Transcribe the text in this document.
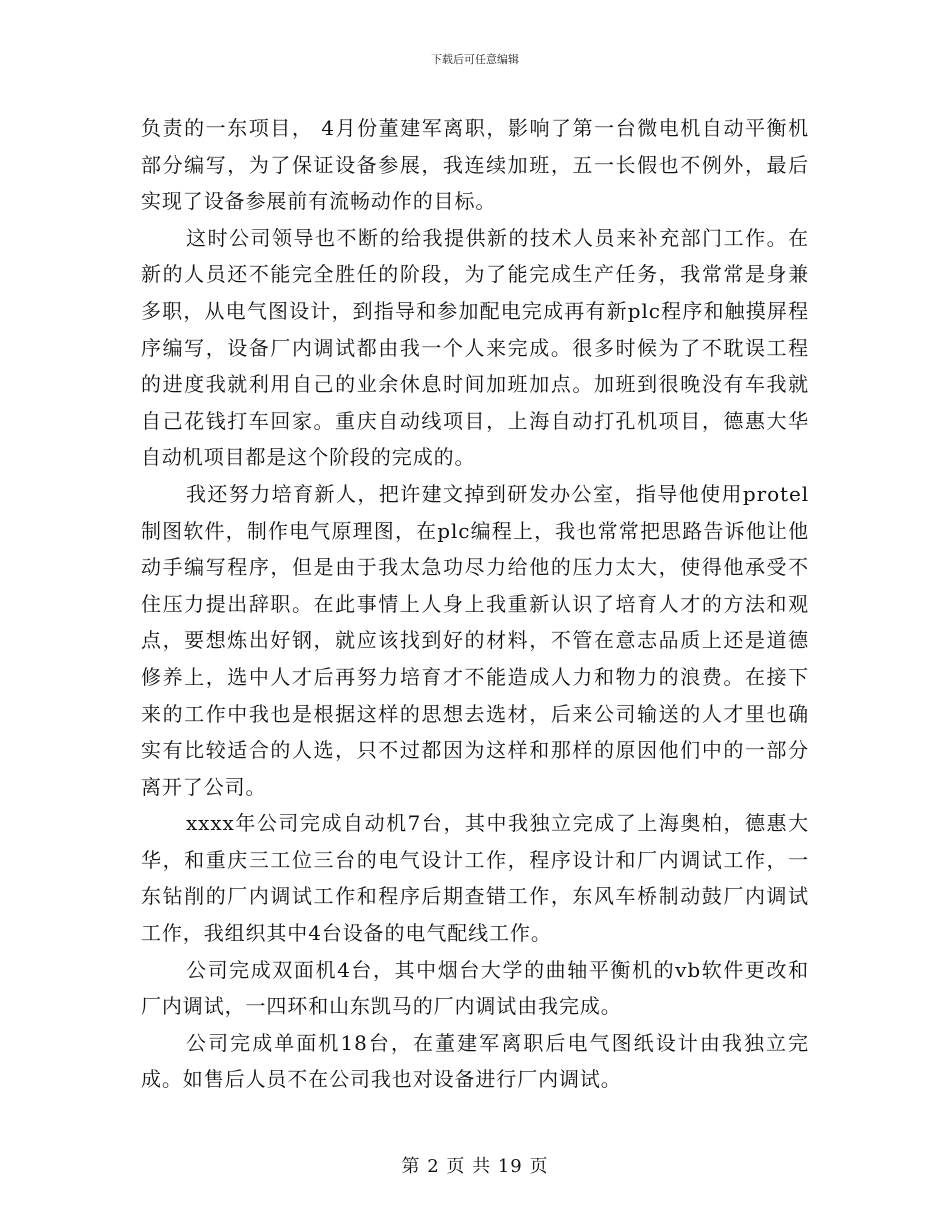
下载后可任意编辑

负责的一东项目， 4月份董建军离职，影响了第一台微电机自动平衡机部分编写，为了保证设备参展，我连续加班，五一长假也不例外，最后实现了设备参展前有流畅动作的目标。

这时公司领导也不断的给我提供新的技术人员来补充部门工作。在新的人员还不能完全胜任的阶段，为了能完成生产任务，我常常是身兼多职，从电气图设计，到指导和参加配电完成再有新plc程序和触摸屏程序编写，设备厂内调试都由我一个人来完成。很多时候为了不耽误工程的进度我就利用自己的业余休息时间加班加点。加班到很晚没有车我就自己花钱打车回家。重庆自动线项目，上海自动打孔机项目，德惠大华自动机项目都是这个阶段的完成的。

我还努力培育新人，把许建文掉到研发办公室，指导他使用protel制图软件，制作电气原理图，在plc编程上，我也常常把思路告诉他让他动手编写程序，但是由于我太急功尽力给他的压力太大，使得他承受不住压力提出辞职。在此事情上人身上我重新认识了培育人才的方法和观点，要想炼出好钢，就应该找到好的材料，不管在意志品质上还是道德修养上，选中人才后再努力培育才不能造成人力和物力的浪费。在接下来的工作中我也是根据这样的思想去选材，后来公司输送的人才里也确实有比较适合的人选，只不过都因为这样和那样的原因他们中的一部分离开了公司。

xxxx年公司完成自动机7台，其中我独立完成了上海奥柏，德惠大华，和重庆三工位三台的电气设计工作，程序设计和厂内调试工作，一东钻削的厂内调试工作和程序后期查错工作，东风车桥制动鼓厂内调试工作，我组织其中4台设备的电气配线工作。

公司完成双面机4台，其中烟台大学的曲轴平衡机的vb软件更改和厂内调试，一四环和山东凯马的厂内调试由我完成。

公司完成单面机18台，在董建军离职后电气图纸设计由我独立完成。如售后人员不在公司我也对设备进行厂内调试。

第 2 页 共 19 页
